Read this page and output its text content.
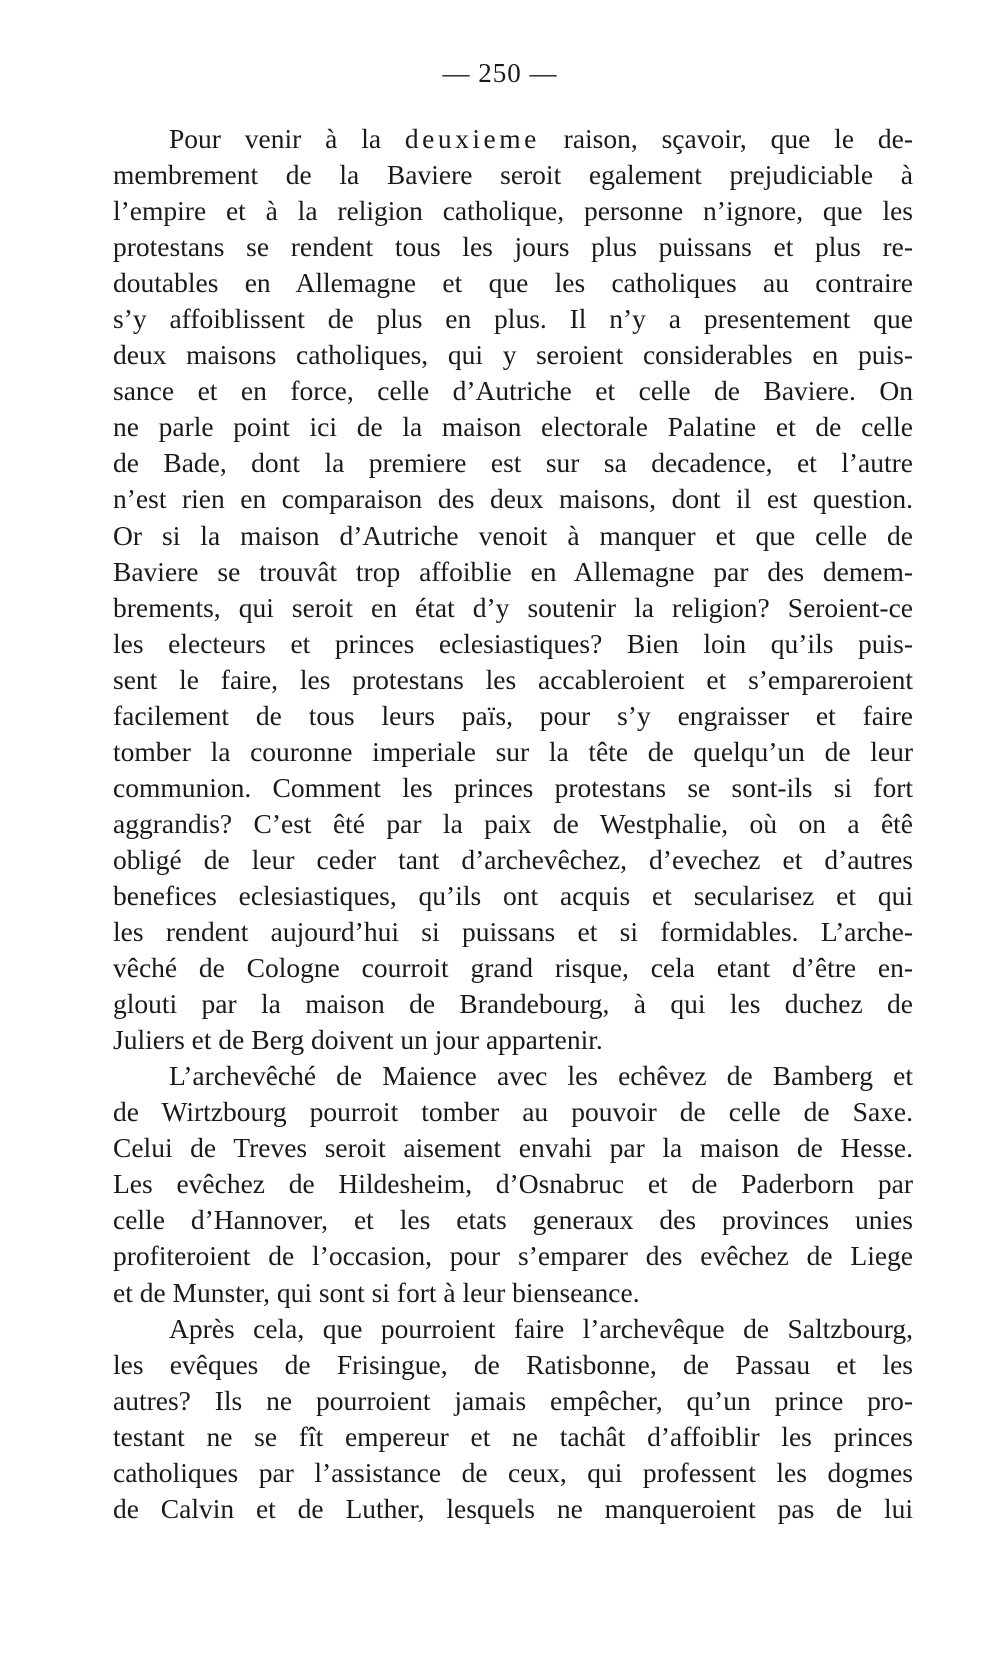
— 250 —
Pour venir à la deuxieme raison, sçavoir, que le de-
membrement de la Baviere seroit egalement prejudiciable à
l’empire et à la religion catholique, personne n’ignore, que les
protestans se rendent tous les jours plus puissans et plus re-
doutables en Allemagne et que les catholiques au contraire
s’y affoiblissent de plus en plus. Il n’y a presentement que
deux maisons catholiques, qui y seroient considerables en puis-
sance et en force, celle d’Autriche et celle de Baviere. On
ne parle point ici de la maison electorale Palatine et de celle
de Bade, dont la premiere est sur sa decadence, et l’autre
n’est rien en comparaison des deux maisons, dont il est question.
Or si la maison d’Autriche venoit à manquer et que celle de
Baviere se trouvât trop affoiblie en Allemagne par des demem-
brements, qui seroit en état d’y soutenir la religion? Seroient-ce
les electeurs et princes eclesiastiques? Bien loin qu’ils puis-
sent le faire, les protestans les accableroient et s’empareroient
facilement de tous leurs païs, pour s’y engraisser et faire
tomber la couronne imperiale sur la tête de quelqu’un de leur
communion. Comment les princes protestans se sont-ils si fort
aggrandis? C’est êté par la paix de Westphalie, où on a êtê
obligé de leur ceder tant d’archevêchez, d’evechez et d’autres
benefices eclesiastiques, qu’ils ont acquis et secularisez et qui
les rendent aujourd’hui si puissans et si formidables. L’arche-
vêché de Cologne courroit grand risque, cela etant d’être en-
glouti par la maison de Brandebourg, à qui les duchez de
Juliers et de Berg doivent un jour appartenir.
L’archevêché de Maience avec les echêvez de Bamberg et
de Wirtzbourg pourroit tomber au pouvoir de celle de Saxe.
Celui de Treves seroit aisement envahi par la maison de Hesse.
Les evêchez de Hildesheim, d’Osnabruc et de Paderborn par
celle d’Hannover, et les etats generaux des provinces unies
profiteroient de l’occasion, pour s’emparer des evêchez de Liege
et de Munster, qui sont si fort à leur bienseance.
Après cela, que pourroient faire l’archevêque de Saltzbourg,
les evêques de Frisingue, de Ratisbonne, de Passau et les
autres? Ils ne pourroient jamais empêcher, qu’un prince pro-
testant ne se fît empereur et ne tachât d’affoiblir les princes
catholiques par l’assistance de ceux, qui professent les dogmes
de Calvin et de Luther, lesquels ne manqueroient pas de lui
